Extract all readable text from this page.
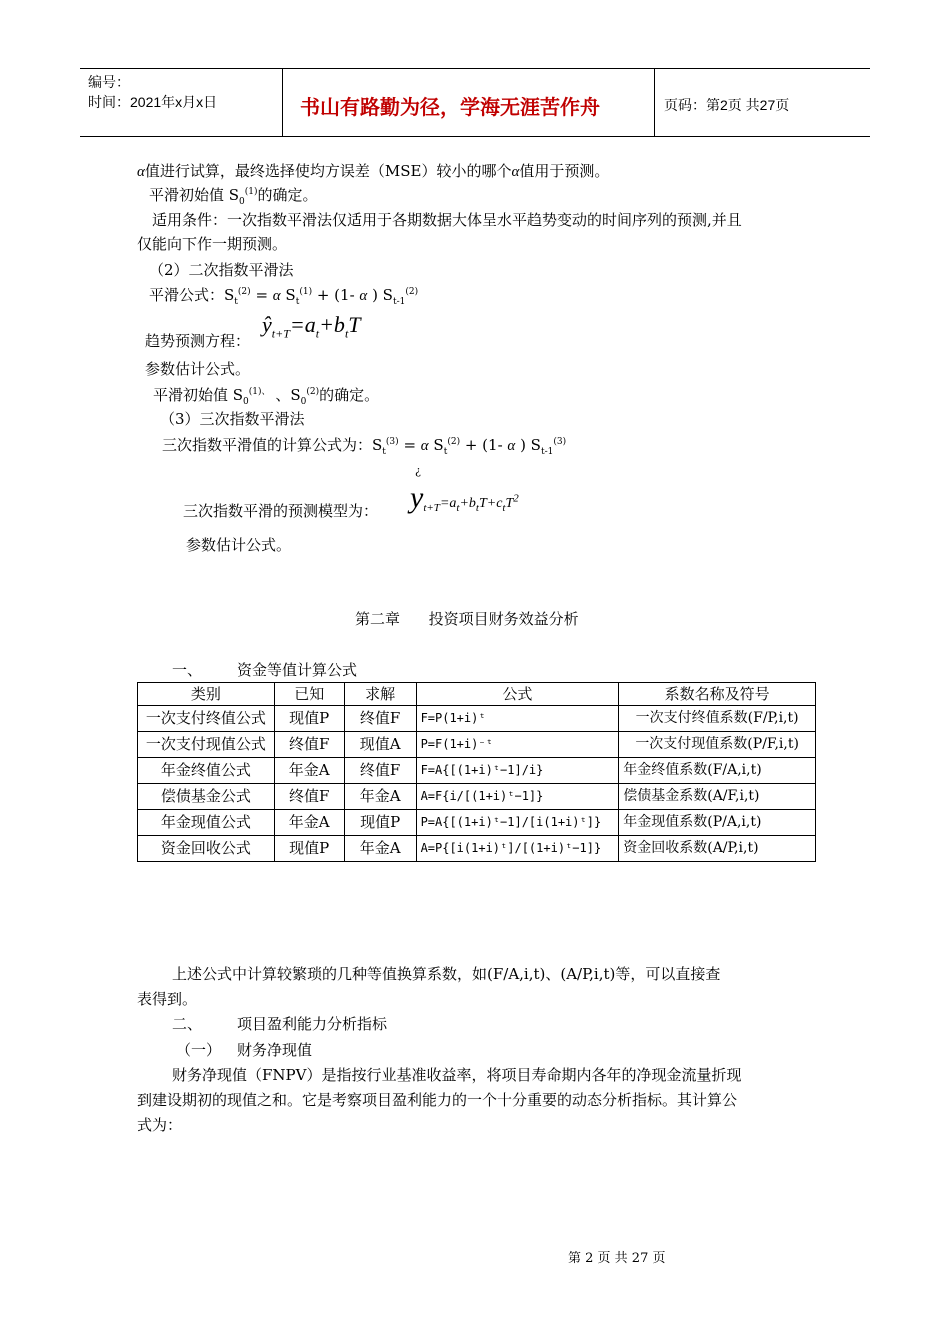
编号：
时间：2021年x月x日	书山有路勤为径，学海无涯苦作舟	页码：第2页 共27页
α值进行试算，最终选择使均方误差（MSE）较小的哪个α值用于预测。
平滑初始值 $S_0^{(1)}$的确定。
适用条件：一次指数平滑法仅适用于各期数据大体呈水平趋势变动的时间序列的预测,并且
仅能向下作一期预测。
（2）二次指数平滑法
平滑公式：$S_t^{(2)} = \alpha$ $S_t^{(1)} + (1-$ α ) $S_{t-1}^{(2)}$
趋势预测方程：
$ŷ_{t+T}=a_t+b_tT$
参数估计公式。
平滑初始值 $S_0^{(1)、}$ 、$S_0^{(2)}$的确定。
（3）三次指数平滑法
三次指数平滑值的计算公式为：$S_t^{(3)} = \alpha$ $S_t^{(2)} + (1-$ α ) $S_{t-1}^{(3)}$
¿
三次指数平滑的预测模型为： $y_{t+T}=a_t+b_tT+c_tT^2$
参数估计公式。
第二章      投资项目财务效益分析
一、 资金等值计算公式
类别	已知	求解	公式	系数名称及符号
一次支付终值公式	现值P	终值F	F=P(1+i)ᵗ	一次支付终值系数(F/P,i,t)
一次支付现值公式	终值F	现值A	P=F(1+i)⁻ᵗ	一次支付现值系数(P/F,i,t)
年金终值公式	年金A	终值F	F=A{[(1+i)ᵗ−1]/i}	年金终值系数(F/A,i,t)
偿债基金公式	终值F	年金A	A=F{i/[(1+i)ᵗ−1]}	偿债基金系数(A/F,i,t)
年金现值公式	年金A	现值P	P=A{[(1+i)ᵗ−1]/[i(1+i)ᵗ]}	年金现值系数(P/A,i,t)
资金回收公式	现值P	年金A	A=P{[i(1+i)ᵗ]/[(1+i)ᵗ−1]}	资金回收系数(A/P,i,t)
上述公式中计算较繁琐的几种等值换算系数，如(F/A,i,t)、(A/P,i,t)等，可以直接查
表得到。
二、 项目盈利能力分析指标
（一） 财务净现值
财务净现值（FNPV）是指按行业基准收益率，将项目寿命期内各年的净现金流量折现
到建设期初的现值之和。它是考察项目盈利能力的一个十分重要的动态分析指标。其计算公
式为：
第 2 页 共 27 页
